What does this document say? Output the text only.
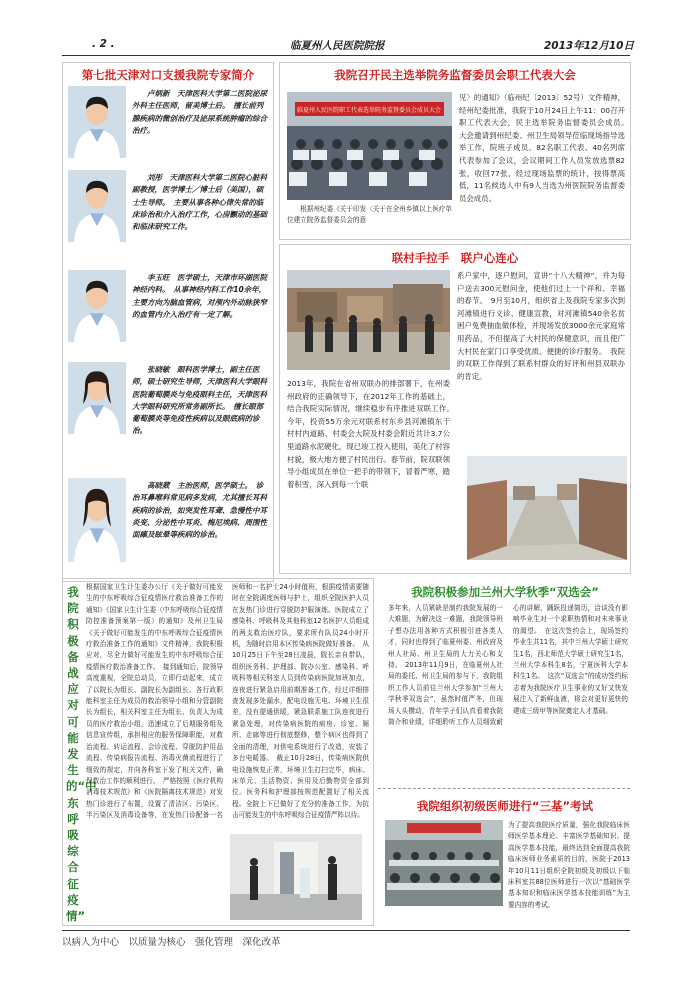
. 2 .	临夏州人民医院院报	2013年12月10日
第七批天津对口支援我院专家简介
卢炳新　天津医科大学第二医院泌尿外科主任医师，留美博士后。　擅长前列腺疾病的微创治疗及泌尿系统肿瘤的综合治疗。
刘彤　天津医科大学第二医院心脏科副教授，医学博士／博士后（美国），硕士生导师。　主要从事各种心律失常的临床诊治和介入治疗工作，心房颤动的基础和临床研究工作。
李玉旺　医学硕士，天津市环湖医院神经内科。　从事神经内科工作10余年，主要方向为脑血管病，对颅内外动脉狭窄的血管内介入治疗有一定了解。
张晓敏　眼科医学博士，副主任医师，硕士研究生导师，天津医科大学眼科医院葡萄膜炎与免疫眼科主任，天津医科大学眼科研究所常务副所长。　擅长眼部葡萄膜炎等免疫性疾病以及眼底病的诊治。
高晓葳　主治医师，医学硕士。　诊治耳鼻喉科常见病多发病，尤其擅长耳科疾病的诊治，如突发性耳聋、急慢性中耳炎变、分泌性中耳炎、梅尼埃病、周围性面瘫及眩晕等疾病的诊治。
我院召开民主选举院务监督委员会职工代表大会
临夏州人民医院职工代表选举院务监督委员会成员大会
根据州纪委《关于印发〈关于在全州乡镇以上医疗单位建立院务监督委员会的意
见〉的通知》（临州纪〔2013〕52号）文件精神，经州纪委批准，我院于10月24日上午11：00召开职工代表大会，民主选举院务监督委员会成员。　大会邀请到州纪委、州卫生局领导莅临现场指导选举工作，院班子成员、82名职工代表、40名列席代表参加了会议，会议期间工作人员发放选票82张，收回77张，经过现场监票的统计，按得票高低，11名候选人中有9人当选为州医院院务监督委员会成员。
联村手拉手　联户心连心
系户家中，逐户慰问，宣讲“十八大精神”，并为每户送去300元慰问金，使他们过上一个祥和、幸福的春节。　9月至10月，组织省上及我院专家多次到河滩镇进行义诊、健康宣教，对河滩镇540余名贫困户免费抽血做体检，并现场发放3000余元家庭常用药品，不但提高了大村民的保健意识，而且使广大村民在家门口享受优质、便捷的诊疗服务。　我院的双联工作得到了联系村群众的好评和州县双联办的肯定。
2013年，我院在省州双联办的排部署下，在州委州政府的正确领导下，在2012年工作的基础上，结合我院实际情况，继续稳步有序推进双联工作。　今年，投资55万余元对联系村东乡县河滩镇东干村村内道路、村委会大院及村委会附近共计3.7公里道路水泥硬化，现已竣工投入使用，美化了村容村貌，极大地方便了村民出行。春节前，院双联领导小组成员在单位一把手的带领下，冒着严寒，踏着积雪，深入到每一个联
我院积极备战应对可能发生的“中东呼吸综合征疫情”
根据国家卫生计生委办公厅《关于做好可能发生的中东呼吸综合征疫情医疗救治准备工作的通知》《国家卫生计生委（中东呼吸综合征疫情防控准备预案第一版）的通知》及州卫生局《关于做好可能发生的中东呼吸综合征疫情医疗救治准备工作的通知》文件精神，我院积极应对，尽全力做好可能发生的中东呼吸综合征疫情医疗救治准备工作。　接到通知后，院领导高度重视，全院总动员，立即行动起来，成立了以院长为组长、副院长为副组长、各行政职能科室主任为成员的救治领导小组和分管副院长为组长，相关科室主任为组长、负责人为成员的医疗救治小组，迅速成立了后期服务组及信息宣传组，承担相应的服务保障职能，对救治流程、转运流程、会诊流程、穿脱防护用品流程、传染病报告流程、消毒灭菌流程进行了细致的规定，并向各科室下发了相关文件，确保救治工作的顺利进行。　严格按照《医疗机构消毒技术规范》和《医院隔离技术规范》对发热门诊进行了布置，设置了清洁区、污染区、半污染区及消毒设备等，在发热门诊配备一名医师和一名护士24小时值班，根据疫情需要随时在全院调度医师与护士，组织全院医护人员在发热门诊进行穿脱防护服演练。医院成立了感染科、呼吸科及其他科室12名医护人员组成的两支救治医疗队，要求所有队员24小时开机，为随时启用本区传染病医院做好准备。　从10月25日下午至28日凌晨，院长亲自带队，组织医务科、护理部、院办公室、感染科、呼吸科等相关科室人员到传染病医院加班加点，连夜进行紧急启用前期准备工作，经过详细排查发现多处漏水，配电设施无电、环境卫生很差，没有提通供暖，紧急联系施工队连夜进行紧急处理，对传染病医院的病房、诊室、厕所、走廊等进行彻底整修，整个病区也得到了全面的清理，对供电系统进行了改造，安装了多台电暖器。　截止10月28日，传染病医院供电设施恢复正常，环境卫生打扫完毕，病床、床单元、生活物资、医用及后勤物资全部到位。医务科和护理部按规范配置好了相关流程。全院上下已做好了充分的准备工作，为抗击可能发生的中东呼吸综合征疫情严阵以待。
我院积极参加兰州大学秋季“双选会”
多年来，人员紧缺是制约我院发展的一大难题，为解决这一难题，我院领导班子想办法用各种方式积极引进各类人才，同时也得到了临夏州委、州政府及州人社局、州卫生局的大力关心和支持。　2013年11月9日，在临夏州人社局的委托、州卫生局的参与下，我院组织工作人员前往兰州大学参加“兰州大学秋季双选会”，虽然时值严冬，但现场人头攒动，青年学子们认真看着我院简介和业绩，详细聆听工作人员细致耐心的讲解，踊跃投递简历，洽谈没有影响毕业生对一个求职热情和对未来事业的渴望。　在这次签约会上，现场签约毕业生共11名，其中兰州大学硕士研究生1名，西北师范大学硕士研究生1名，兰州大学本科生8名，宁夏医科大学本科生1名。　这次“双选会”的成功签约标志着为我院医疗卫生事业的又好又快发展注入了新鲜血液，将会对更好更快的建成三级甲等医院奠定人才基础。
我院组织初级医师进行“三基”考试
为了提高我院医疗质量，强化我院临床医师医学基本理论、丰富医学基础知识、提高医学基本技能，最终达到全面提高我院临床医师业务素质的目的，医院于2013年10月11日组织全院初级及初级以下临床科室共88位医师进行一次以“基础医学基本知识和临床医学基本技能训练”为主要内容的考试。
以病人为中心　以质量为核心　强化管理　深化改革
